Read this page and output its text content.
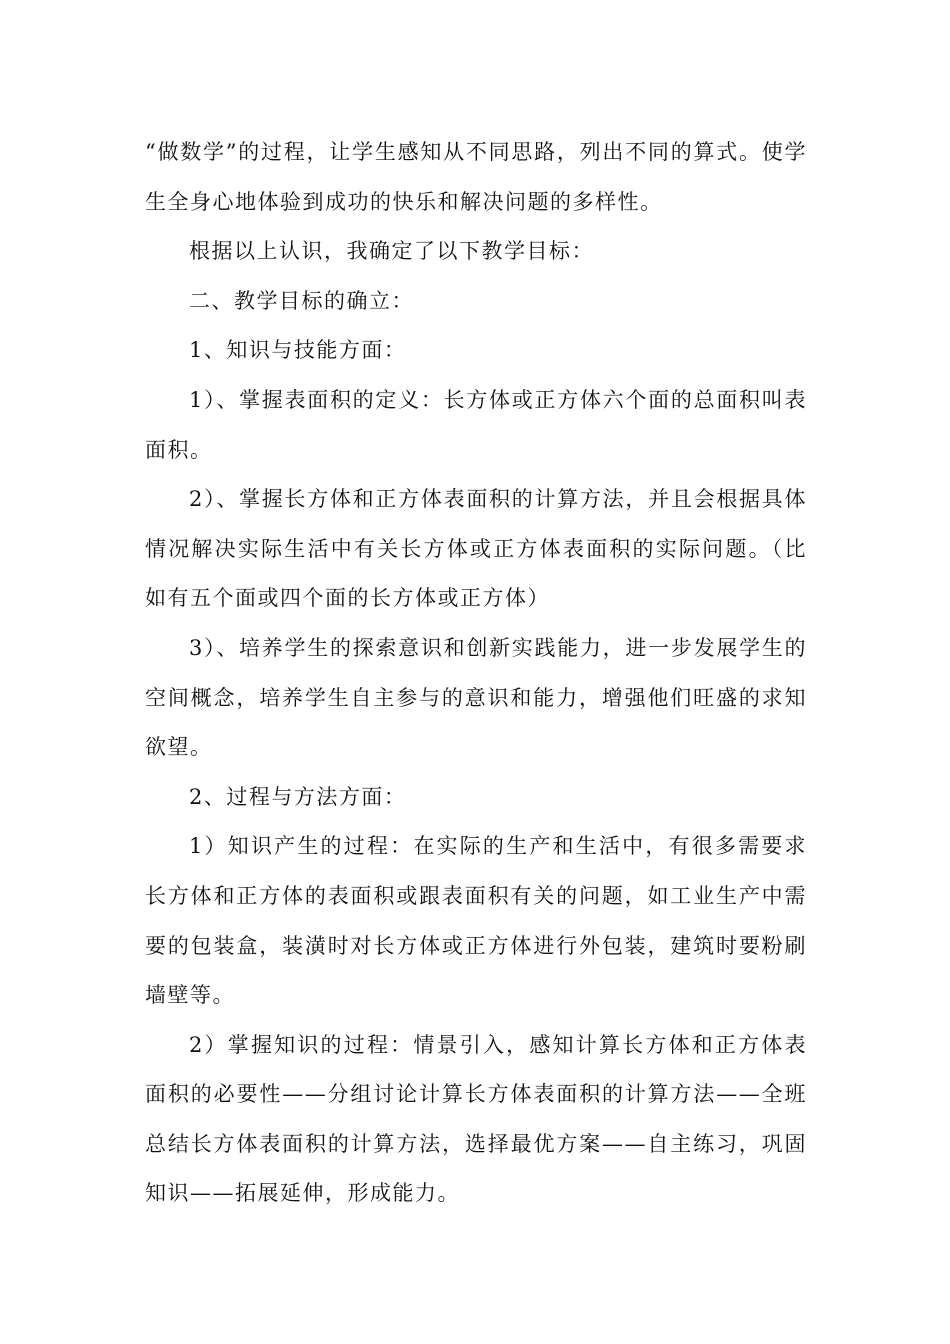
“做数学”的过程，让学生感知从不同思路，列出不同的算式。使学生全身心地体验到成功的快乐和解决问题的多样性。

根据以上认识，我确定了以下教学目标：

二、教学目标的确立：

1、知识与技能方面：

1）、掌握表面积的定义：长方体或正方体六个面的总面积叫表面积。

2）、掌握长方体和正方体表面积的计算方法，并且会根据具体情况解决实际生活中有关长方体或正方体表面积的实际问题。（比如有五个面或四个面的长方体或正方体）

3）、培养学生的探索意识和创新实践能力，进一步发展学生的空间概念，培养学生自主参与的意识和能力，增强他们旺盛的求知欲望。

2、过程与方法方面：

1）知识产生的过程：在实际的生产和生活中，有很多需要求长方体和正方体的表面积或跟表面积有关的问题，如工业生产中需要的包装盒，装潢时对长方体或正方体进行外包装，建筑时要粉刷墙壁等。

2）掌握知识的过程：情景引入，感知计算长方体和正方体表面积的必要性——分组讨论计算长方体表面积的计算方法——全班总结长方体表面积的计算方法，选择最优方案——自主练习，巩固知识——拓展延伸，形成能力。
